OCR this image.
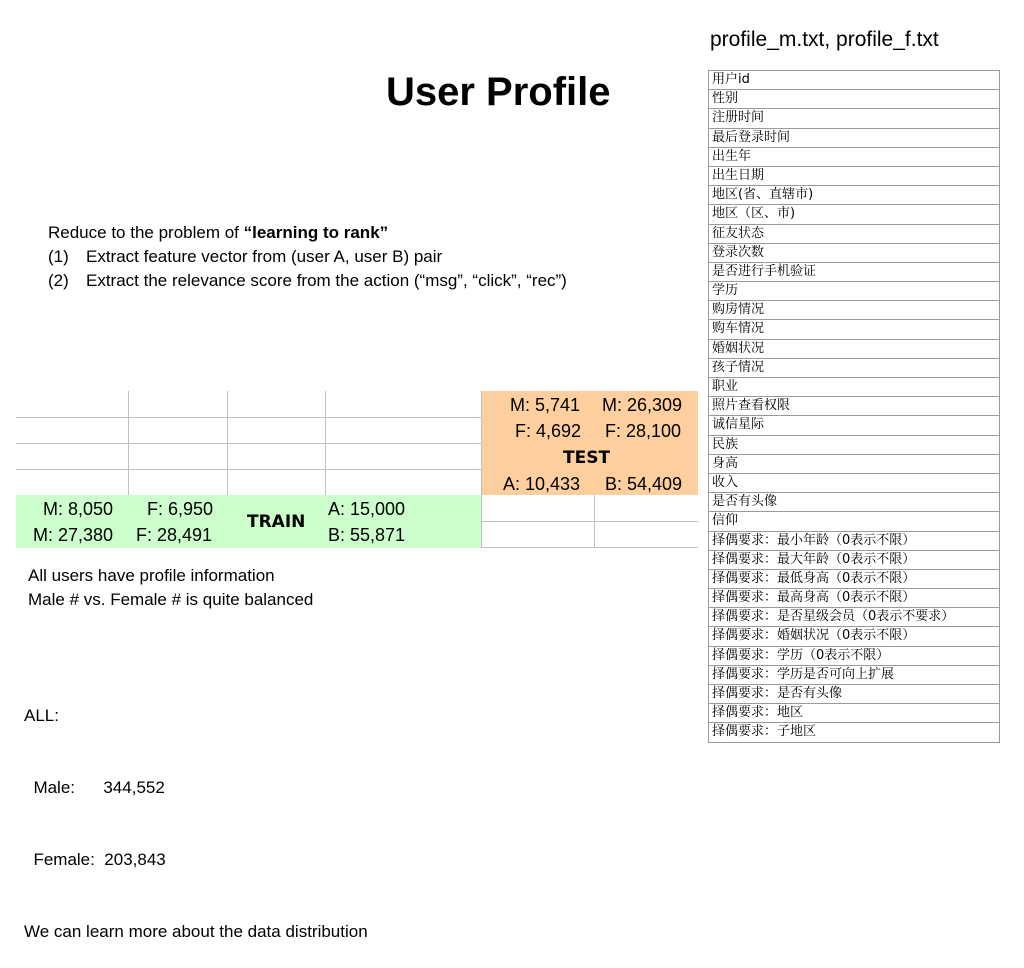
profile_m.txt, profile_f.txt
User Profile
Reduce to the problem of “learning to rank”
(1) Extract feature vector from (user A, user B) pair
(2) Extract the relevance score from the action (“msg”, “click”, “rec”)
M: 5,741 M: 26,309
F: 4,692 F: 28,100
TEST
A: 10,433 B: 54,409
M: 8,050 F: 6,950
M: 27,380 F: 28,491
TRAIN
A: 15,000
B: 55,871
All users have profile information
Male # vs. Female # is quite balanced

ALL:

Male:      344,552

Female:  203,843

We can learn more about the data distribution

用户id
性别
注册时间
最后登录时间
出生年
出生日期
地区(省、直辖市)
地区（区、市)
征友状态
登录次数
是否进行手机验证
学历
购房情况
购车情况
婚姻状况
孩子情况
职业
照片查看权限
诚信星际
民族
身高
收入
是否有头像
信仰
择偶要求：最小年龄（0表示不限）
择偶要求：最大年龄（0表示不限）
择偶要求：最低身高（0表示不限）
择偶要求：最高身高（0表示不限）
择偶要求：是否星级会员（0表示不要求）
择偶要求：婚姻状况（0表示不限）
择偶要求：学历（0表示不限）
择偶要求：学历是否可向上扩展
择偶要求：是否有头像
择偶要求：地区
择偶要求：子地区
